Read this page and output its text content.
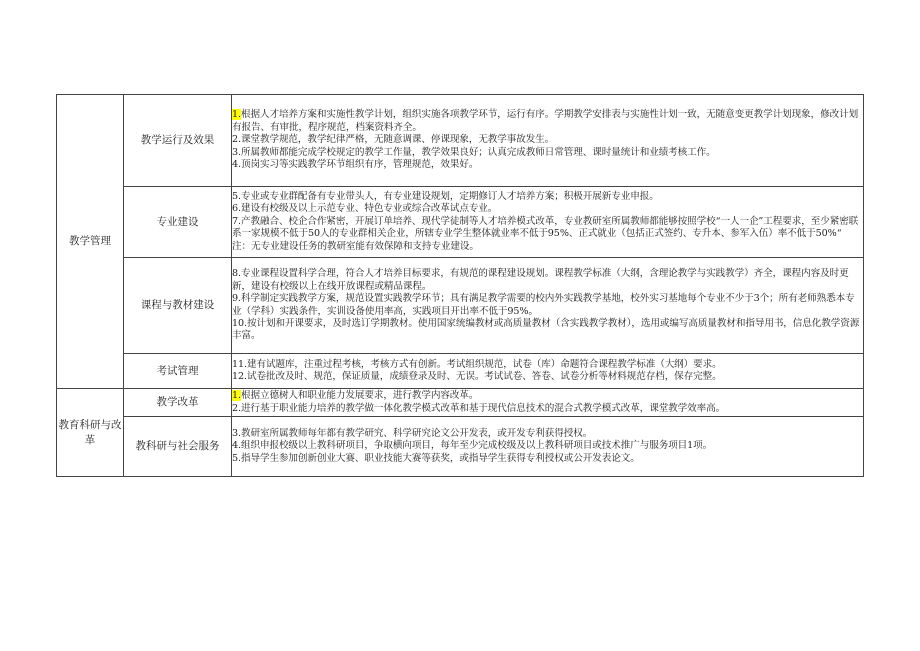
教学管理	教学运行及效果	1.根据人才培养方案和实施性教学计划，组织实施各项教学环节，运行有序。学期教学安排表与实施性计划一致，无随意变更教学计划现象，修改计划有报告、有审批，程序规范，档案资料齐全。
2.课堂教学规范，教学纪律严格，无随意调课、停课现象，无教学事故发生。
3.所属教师都能完成学校规定的教学工作量，教学效果良好；认真完成教师日常管理、课时量统计和业绩考核工作。
4.顶岗实习等实践教学环节组织有序，管理规范，效果好。

	专业建设	5.专业或专业群配备有专业带头人，有专业建设规划，定期修订人才培养方案；积极开展新专业申报。
6.建设有校级及以上示范专业、特色专业或综合改革试点专业。
7.产教融合、校企合作紧密，开展订单培养、现代学徒制等人才培养模式改革，专业教研室所属教师都能够按照学校“一人一企”工程要求，至少紧密联系一家规模不低于50人的专业群相关企业，所辖专业学生整体就业率不低于95%、正式就业（包括正式签约、专升本、参军入伍）率不低于50%“
注：无专业建设任务的教研室能有效保障和支持专业建设。

	课程与教材建设	8.专业课程设置科学合理，符合人才培养目标要求，有规范的课程建设规划。课程教学标准（大纲，含理论教学与实践教学）齐全，课程内容及时更新，建设有校级以上在线开放课程或精品课程。
9.科学制定实践教学方案，规范设置实践教学环节；具有满足教学需要的校内外实践教学基地，校外实习基地每个专业不少于3个；所有老师熟悉本专业（学科）实践条件，实训设备使用率高，实践项目开出率不低于95%。
10.按计划和开课要求，及时选订学期教材。使用国家统编教材或高质量教材（含实践教学教材），选用或编写高质量教材和指导用书，信息化教学资源丰富。

	考试管理	11.建有试题库，注重过程考核，考核方式有创新。考试组织规范，试卷（库）命题符合课程教学标准（大纲）要求。
12.试卷批改及时、规范，保证质量，成绩登录及时、无误。考试试卷、答卷、试卷分析等材料规范存档，保存完整。

教育科研与改革	教学改革	1.根据立德树人和职业能力发展要求，进行教学内容改革。
2.进行基于职业能力培养的教学做一体化教学模式改革和基于现代信息技术的混合式教学模式改革，课堂教学效率高。

	教科研与社会服务	3.教研室所属教师每年都有教学研究、科学研究论文公开发表，或开发专利获得授权。
4.组织申报校级以上教科研项目，争取横向项目，每年至少完成校级及以上教科研项目或技术推广与服务项目1项。
5.指导学生参加创新创业大赛、职业技能大赛等获奖，或指导学生获得专利授权或公开发表论文。
